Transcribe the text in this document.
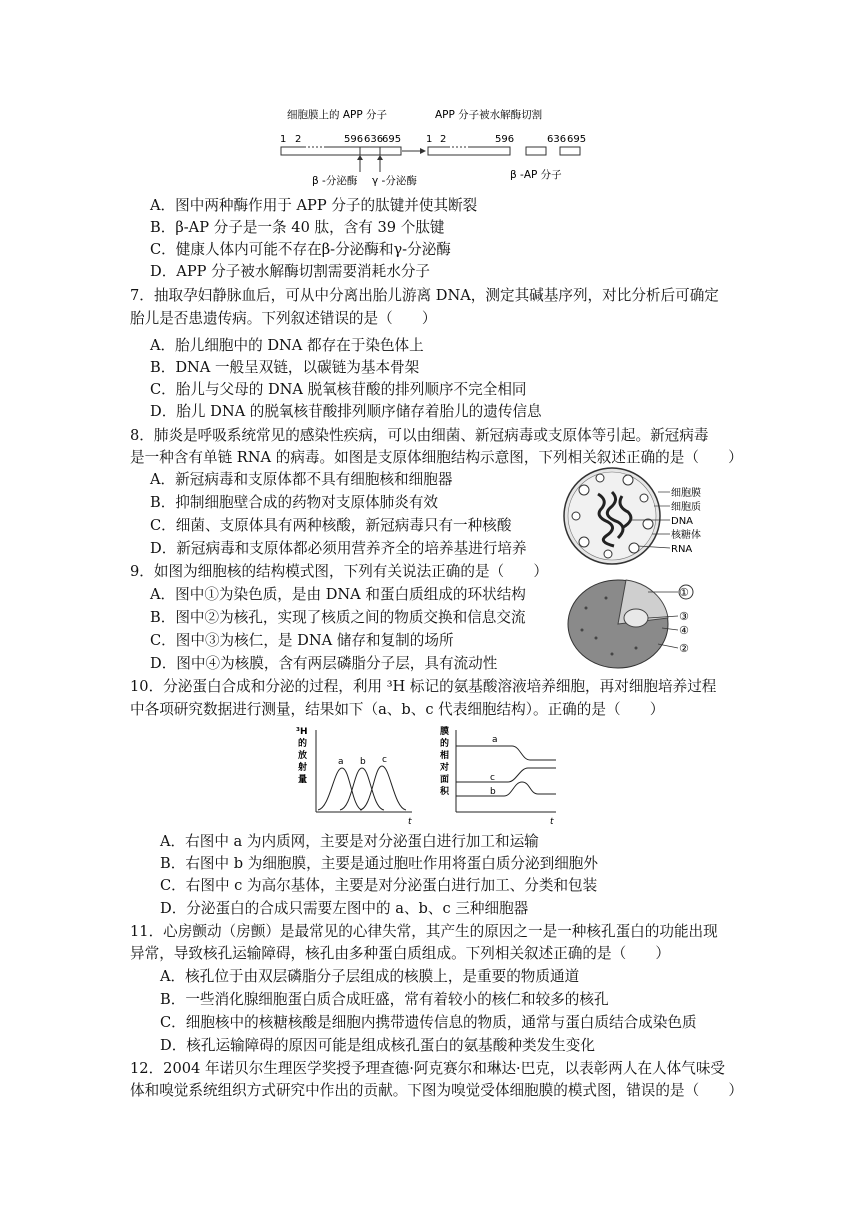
细胞膜上的 APP 分子	APP 分子被水解酶切割
1 2	596 636
695
β -分泌酶 γ -分泌酶
1 2	596	636 695
β -AP 分子
A．图中两种酶作用于 APP 分子的肽键并使其断裂
B．β-AP 分子是一条 40 肽，含有 39 个肽键
C．健康人体内可能不存在β-分泌酶和γ-分泌酶
D．APP 分子被水解酶切割需要消耗水分子
7．抽取孕妇静脉血后，可从中分离出胎儿游离 DNA，测定其碱基序列，对比分析后可确定
胎儿是否患遗传病。下列叙述错误的是（　　）
A．胎儿细胞中的 DNA 都存在于染色体上
B．DNA 一般呈双链，以碳链为基本骨架
C．胎儿与父母的 DNA 脱氧核苷酸的排列顺序不完全相同
D．胎儿 DNA 的脱氧核苷酸排列顺序储存着胎儿的遗传信息
8．肺炎是呼吸系统常见的感染性疾病，可以由细菌、新冠病毒或支原体等引起。新冠病毒
是一种含有单链 RNA 的病毒。如图是支原体细胞结构示意图，下列相关叙述正确的是（　　）
A．新冠病毒和支原体都不具有细胞核和细胞器
B．抑制细胞壁合成的药物对支原体肺炎有效
C．细菌、支原体具有两种核酸，新冠病毒只有一种核酸
D．新冠病毒和支原体都必须用营养齐全的培养基进行培养
细胞膜
细胞质
DNA
核糖体
RNA
9．如图为细胞核的结构模式图，下列有关说法正确的是（　　）
A．图中①为染色质，是由 DNA 和蛋白质组成的环状结构
B．图中②为核孔，实现了核质之间的物质交换和信息交流
C．图中③为核仁，是 DNA 储存和复制的场所
D．图中④为核膜，含有两层磷脂分子层，具有流动性
①
③
④
②
10．分泌蛋白合成和分泌的过程，利用 ³H 标记的氨基酸溶液培养细胞，再对细胞培养过程
中各项研究数据进行测量，结果如下（a、b、c 代表细胞结构）。正确的是（　　）
³H
的
放
射
量
t
a b c
膜
的
相
对
面
积
t
a
c
b
A．右图中 a 为内质网，主要是对分泌蛋白进行加工和运输
B．右图中 b 为细胞膜，主要是通过胞吐作用将蛋白质分泌到细胞外
C．右图中 c 为高尔基体，主要是对分泌蛋白进行加工、分类和包装
D．分泌蛋白的合成只需要左图中的 a、b、c 三种细胞器
11．心房颤动（房颤）是最常见的心律失常，其产生的原因之一是一种核孔蛋白的功能出现
异常，导致核孔运输障碍，核孔由多种蛋白质组成。下列相关叙述正确的是（　　）
A．核孔位于由双层磷脂分子层组成的核膜上，是重要的物质通道
B．一些消化腺细胞蛋白质合成旺盛，常有着较小的核仁和较多的核孔
C．细胞核中的核糖核酸是细胞内携带遗传信息的物质，通常与蛋白质结合成染色质
D．核孔运输障碍的原因可能是组成核孔蛋白的氨基酸种类发生变化
12．2004 年诺贝尔生理医学奖授予理查德·阿克赛尔和琳达·巴克，以表彰两人在人体气味受
体和嗅觉系统组织方式研究中作出的贡献。下图为嗅觉受体细胞膜的模式图，错误的是（　　）
